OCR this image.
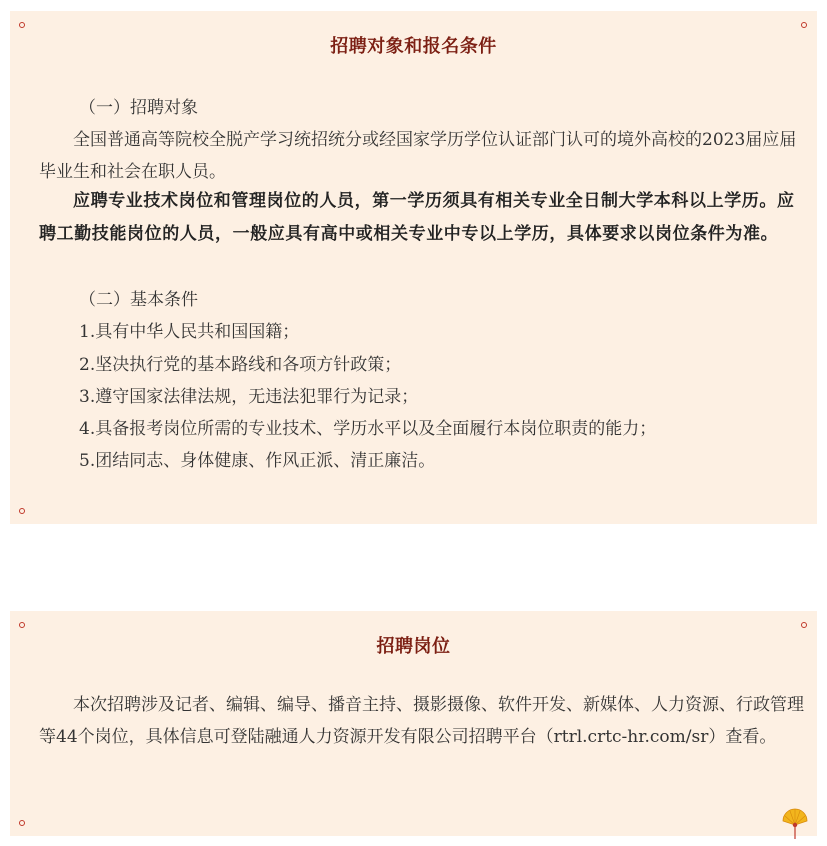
招聘对象和报名条件
（一）招聘对象

全国普通高等院校全脱产学习统招统分或经国家学历学位认证部门认可的境外高校的2023届应届毕业生和社会在职人员。

应聘专业技术岗位和管理岗位的人员，第一学历须具有相关专业全日制大学本科以上学历。应聘工勤技能岗位的人员，一般应具有高中或相关专业中专以上学历，具体要求以岗位条件为准。

（二）基本条件
1.具有中华人民共和国国籍；
2.坚决执行党的基本路线和各项方针政策；
3.遵守国家法律法规，无违法犯罪行为记录；
4.具备报考岗位所需的专业技术、学历水平以及全面履行本岗位职责的能力；
5.团结同志、身体健康、作风正派、清正廉洁。
招聘岗位

本次招聘涉及记者、编辑、编导、播音主持、摄影摄像、软件开发、新媒体、人力资源、行政管理等44个岗位，具体信息可登陆融通人力资源开发有限公司招聘平台（rtrl.crtc-hr.com/sr）查看。
